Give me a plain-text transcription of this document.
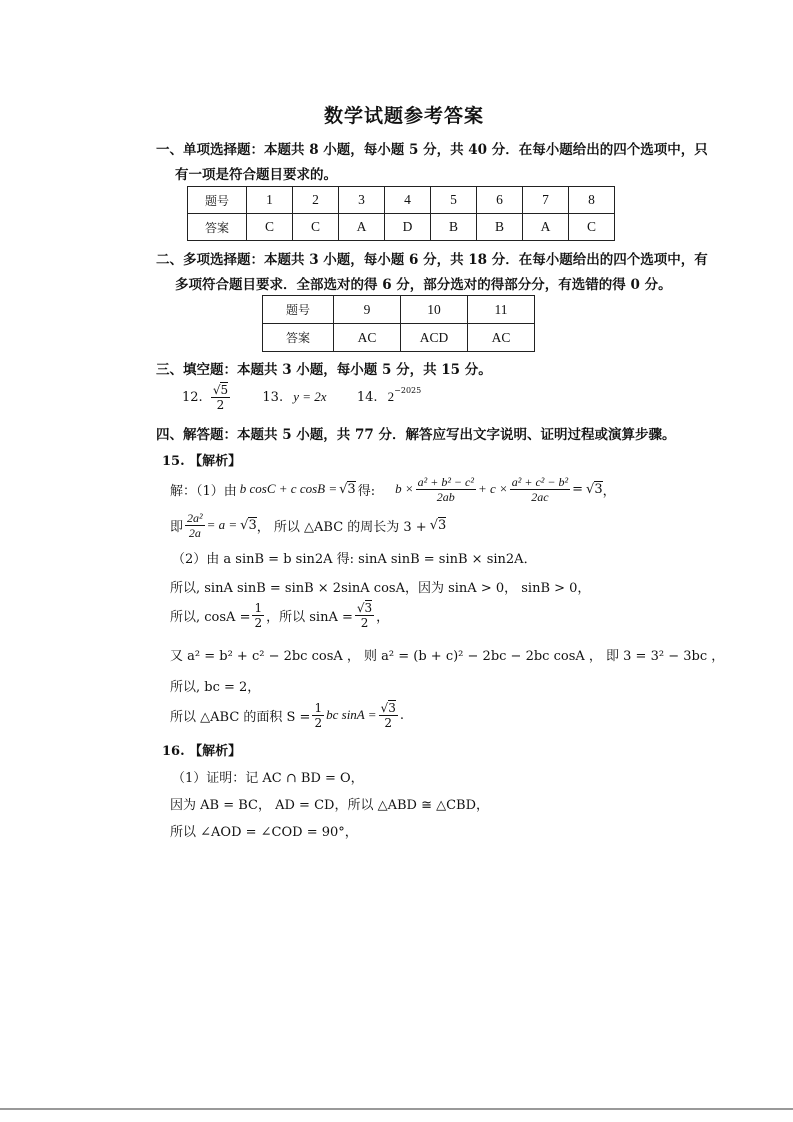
数学试题参考答案
一、单项选择题：本题共 8 小题，每小题 5 分，共 40 分．在每小题给出的四个选项中，只
有一项是符合题目要求的。
题号	1	2	3	4	5	6	7	8
答案	C	C	A	D	B	B	A	C
二、多项选择题：本题共 3 小题，每小题 6 分，共 18 分．在每小题给出的四个选项中，有
多项符合题目要求．全部选对的得 6 分，部分选对的得部分分，有选错的得 0 分。
题号	9	10	11
答案	AC	ACD	AC
三、填空题：本题共 3 小题，每小题 5 分，共 15 分。
12. $\frac{√5}{2} 13$. y = 2x 14. $2^{-2025}$
四、解答题：本题共 5 小题，共 77 分．解答应写出文字说明、证明过程或演算步骤。
15. 【解析】
解：（1）由 b cosC + c cosB = √ 3 得: $b \times \frac{\text{a² + b² − c²}}{2ab} + c \times \frac{\text{a² + c² − b²}}{2ac}$ = √ 3 ，
即 $\frac{\text{2a²}}{2a} = a$ = √ 3 ， 所以 △ABC 的周长为 3 + √ 3
（2）由 a sinB = b sin2A 得: sinA sinB = sinB × sin2A．
所以, sinA sinB = sinB × 2sinA cosA，因为 sinA > 0， sinB > 0，
所以, $\cos A = \frac{1}{2}$ ，所以 $\sin A = \frac{√3}{2}$ ，
又 a² = b² + c² − 2bc cosA ， 则 a² = (b + c)² − 2bc − 2bc cosA ， 即 3 = 3² − 3bc ，
所以, bc = 2，
所以 △ABC 的面积 $S = \frac{1}{2}$ bc $\sin A = \frac{√3}{2}$ .
16. 【解析】
（1）证明：记 AC ∩ BD = O，
因为 AB = BC， AD = CD，所以 △ABD ≅ △CBD，
所以 ∠AOD = ∠COD = 90°，
